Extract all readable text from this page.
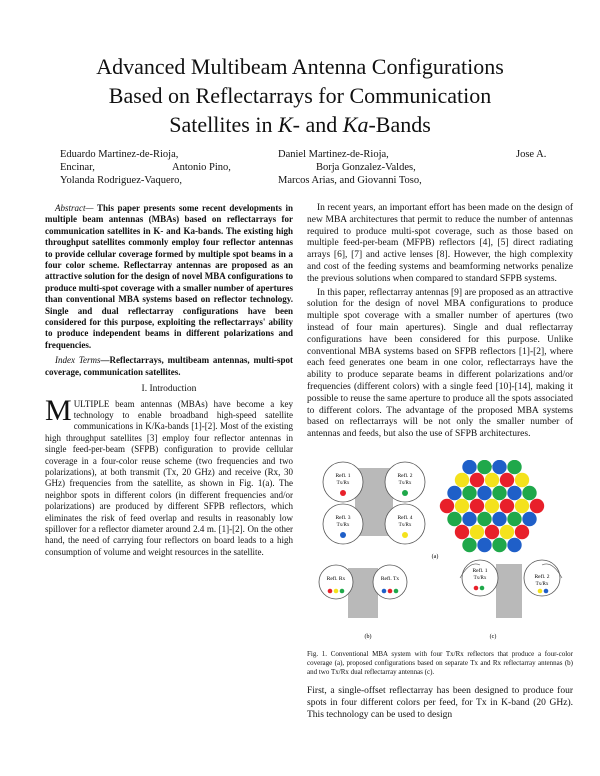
Advanced Multibeam Antenna Configurations
Based on Reflectarrays for Communication
Satellites in K- and Ka-Bands
Eduardo Martinez-de-Rioja,
Encinar,
Yolanda Rodriguez-Vaquero,
Antonio Pino,
Daniel Martinez-de-Rioja,
Borja Gonzalez-Valdes,
Marcos Arias, and Giovanni Toso,
Jose A.

Abstract— This paper presents some recent developments in multiple beam antennas (MBAs) based on reflectarrays for communication satellites in K- and Ka-bands. The existing high throughput satellites commonly employ four reflector antennas to provide cellular coverage formed by multiple spot beams in a four color scheme. Reflectarray antennas are proposed as an attractive solution for the design of novel MBA configurations to produce multi-spot coverage with a smaller number of apertures than conventional MBA systems based on reflector technology. Single and dual reflectarray configurations have been considered for this purpose, exploiting the reflectarrays' ability to produce independent beams in different polarizations and frequencies.

Index Terms—Reflectarrays, multibeam antennas, multi-spot coverage, communication satellites.

I. Introduction

MULTIPLE beam antennas (MBAs) have become a key technology to enable broadband high-speed satellite communications in K/Ka-bands [1]-[2]. Most of the existing high throughput satellites [3] employ four reflector antennas in single feed-per-beam (SFPB) configuration to provide cellular coverage in a four-color reuse scheme (two frequencies and two polarizations), at both transmit (Tx, 20 GHz) and receive (Rx, 30 GHz) frequencies from the satellite, as shown in Fig. 1(a). The neighbor spots in different colors (in different frequencies and/or polarizations) are produced by different SFPB reflectors, which eliminates the risk of feed overlap and results in reasonably low spillover for a reflector diameter around 2.4 m. [1]-[2]. On the other hand, the need of carrying four reflectors on board leads to a high consumption of volume and weight resources in the satellite.

In recent years, an important effort has been made on the design of new MBA architectures that permit to reduce the number of antennas required to produce multi-spot coverage, such as those based on multiple feed-per-beam (MFPB) reflectors [4], [5] direct radiating arrays [6], [7] and active lenses [8]. However, the high complexity and cost of the feeding systems and beamforming networks penalize the previous solutions when compared to standard SFPB systems.

In this paper, reflectarray antennas [9] are proposed as an attractive solution for the design of novel MBA configurations to produce multiple spot coverage with a smaller number of apertures (two instead of four main apertures). Single and dual reflectarray configurations have been considered for this purpose. Unlike conventional MBA systems based on SFPB reflectors [1]-[2], where each feed generates one beam in one color, reflectarrays have the ability to produce separate beams in different polarizations and/or frequencies (different colors) with a single feed [10]-[14], making it possible to reuse the same aperture to produce all the spots associated to different colors. The advantage of the proposed MBA systems based on reflectarrays will be not only the smaller number of antennas and feeds, but also the use of SFPB architectures.

Refl. 1
Tx/Rx
Refl. 2
Tx/Rx
Refl. 3
Tx/Rx
Refl. 4
Tx/Rx
(a)
Refl. Rx	Refl. Tx
(b)
Refl. 1
Tx/Rx	Refl. 2
Tx/Rx
(c)
Fig. 1. Conventional MBA system with four Tx/Rx reflectors that produce a four-color coverage (a), proposed configurations based on separate Tx and Rx reflectarray antennas (b) and two Tx/Rx dual reflectarray antennas (c).
First, a single-offset reflectarray has been designed to produce four spots in four different colors per feed, for Tx in K-band (20 GHz). This technology can be used to design
